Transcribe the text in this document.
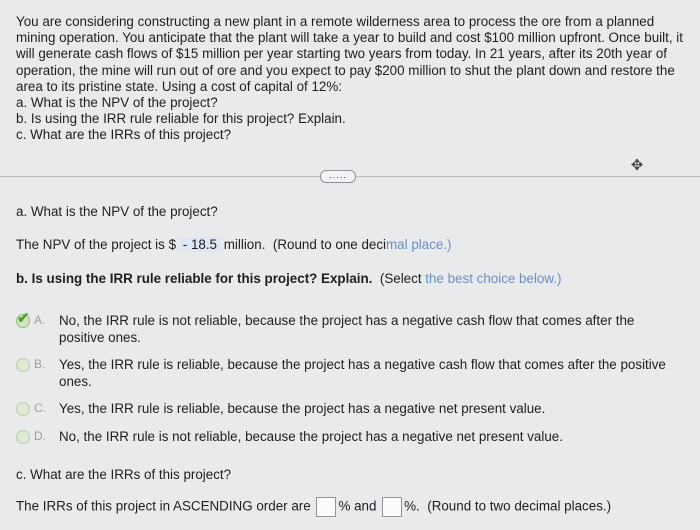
You are considering constructing a new plant in a remote wilderness area to process the ore from a planned

mining operation. You anticipate that the plant will take a year to build and cost $100 million upfront. Once built, it

will generate cash flows of $15 million per year starting two years from today. In 21 years, after its 20th year of

operation, the mine will run out of ore and you expect to pay $200 million to shut the plant down and restore the

area to its pristine state. Using a cost of capital of 12%:

a. What is the NPV of the project?

b. Is using the IRR rule reliable for this project? Explain.

c. What are the IRRs of this project?

✥
.....
a. What is the NPV of the project?
The NPV of the project is $ - 18.5 million. (Round to one decimal place.)
b. Is using the IRR rule reliable for this project? Explain. (Select the best choice below.)
✔ A. No, the IRR rule is not reliable, because the project has a negative cash flow that comes after the positive ones.
B. Yes, the IRR rule is reliable, because the project has a negative cash flow that comes after the positive ones.
C. Yes, the IRR rule is reliable, because the project has a negative net present value.
D. No, the IRR rule is not reliable, because the project has a negative net present value.
c. What are the IRRs of this project?
The IRRs of this project in ASCENDING order are % and %. (Round to two decimal places.)
